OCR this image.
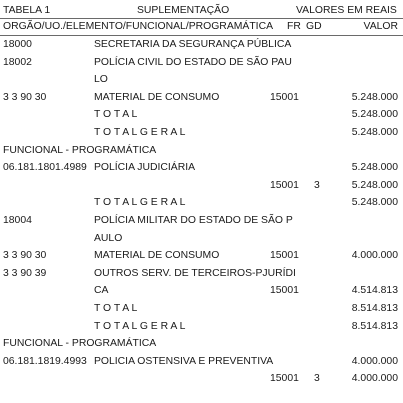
TABELA 1	SUPLEMENTAÇÃO	VALORES EM REAIS
ORGÃO/UO./ELEMENTO/FUNCIONAL/PROGRAMÁTICA FR GD	VALOR
18000	SECRETARIA DA SEGURANÇA PÚBLICA
18002	POLÍCIA CIVIL DO ESTADO DE SÃO PAU
LO
3 3 90 30	MATERIAL DE CONSUMO	15001	5.248.000
T O T A L	5.248.000
T O T A L G E R A L	5.248.000
FUNCIONAL - PROGRAMÁTICA
06.181.1801.4989 POLÍCIA JUDICIÁRIA	5.248.000
15001 3	5.248.000
T O T A L G E R A L	5.248.000
18004	POLÍCIA MILITAR DO ESTADO DE SÃO P
AULO
3 3 90 30	MATERIAL DE CONSUMO	15001	4.000.000
3 3 90 39	OUTROS SERV. DE TERCEIROS-PJURÍDI
CA	15001	4.514.813
T O T A L	8.514.813
T O T A L G E R A L	8.514.813
FUNCIONAL - PROGRAMÁTICA
06.181.1819.4993 POLICIA OSTENSIVA E PREVENTIVA	4.000.000
15001 3	4.000.000
